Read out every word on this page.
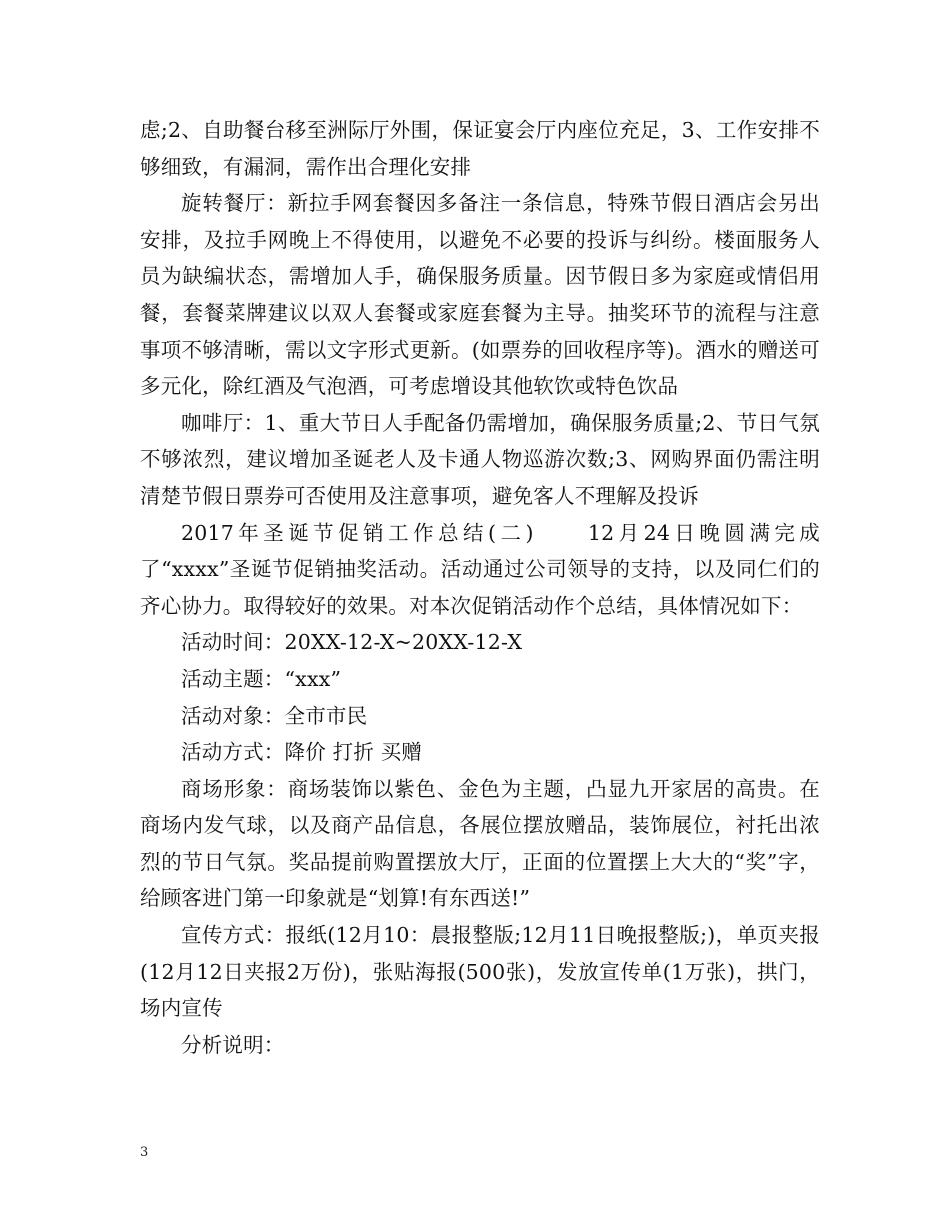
虑;2、自助餐台移至洲际厅外围，保证宴会厅内座位充足，3、工作安排不够细致，有漏洞，需作出合理化安排

旋转餐厅：新拉手网套餐因多备注一条信息，特殊节假日酒店会另出安排，及拉手网晚上不得使用，以避免不必要的投诉与纠纷。楼面服务人员为缺编状态，需增加人手，确保服务质量。因节假日多为家庭或情侣用餐，套餐菜牌建议以双人套餐或家庭套餐为主导。抽奖环节的流程与注意事项不够清晰，需以文字形式更新。(如票券的回收程序等)。酒水的赠送可多元化，除红酒及气泡酒，可考虑增设其他软饮或特色饮品

咖啡厅：1、重大节日人手配备仍需增加，确保服务质量;2、节日气氛不够浓烈，建议增加圣诞老人及卡通人物巡游次数;3、网购界面仍需注明清楚节假日票券可否使用及注意事项，避免客人不理解及投诉

2017年圣诞节促销工作总结(二)　　12月24日晚圆满完成了“xxxx”圣诞节促销抽奖活动。活动通过公司领导的支持，以及同仁们的齐心协力。取得较好的效果。对本次促销活动作个总结，具体情况如下：

活动时间：20XX-12-X~20XX-12-X

活动主题：“xxx”

活动对象：全市市民

活动方式：降价 打折 买赠

商场形象：商场装饰以紫色、金色为主题，凸显九开家居的高贵。在商场内发气球，以及商产品信息，各展位摆放赠品，装饰展位，衬托出浓烈的节日气氛。奖品提前购置摆放大厅，正面的位置摆上大大的“奖”字，给顾客进门第一印象就是“划算!有东西送!”

宣传方式：报纸(12月10：晨报整版;12月11日晚报整版;)，单页夹报(12月12日夹报2万份)，张贴海报(500张)，发放宣传单(1万张)，拱门，场内宣传

分析说明：

3
